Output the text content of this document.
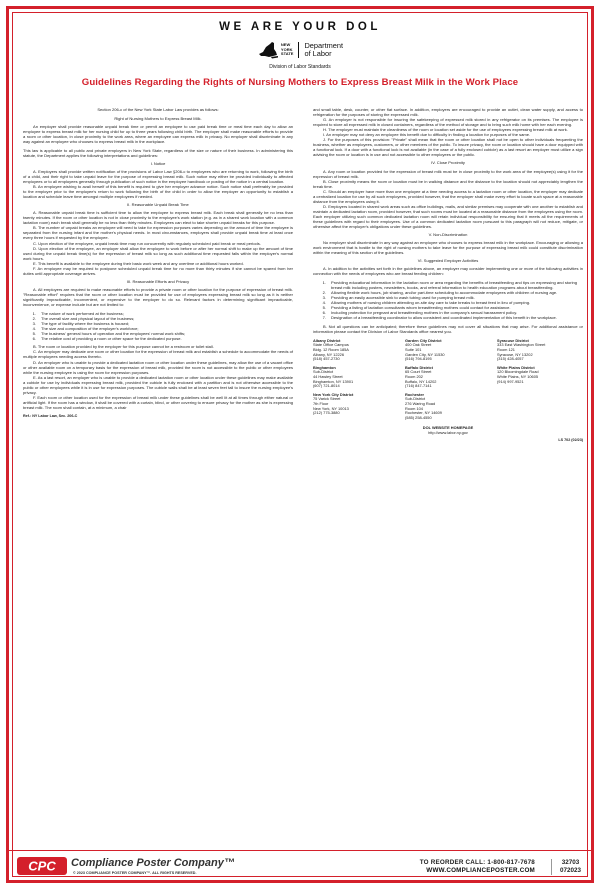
WE ARE YOUR DOL
NEW
YORK
STATE
Department
of Labor
Division of Labor Standards
Guidelines Regarding the Rights of Nursing Mothers to Express Breast Milk in the Work Place
Section 206-c of the New York State Labor Law provides as follows:
Right of Nursing Mothers to Express Breast Milk.
An employer shall provide reasonable unpaid break time or permit an employee to use paid break time or meal time each day to allow an employee to express breast milk for her nursing child for up to three years following child birth. The employer shall make reasonable efforts to provide a room or other location, in close proximity to the work area, where an employee can express milk in privacy. No employer shall discriminate in any way against an employee who chooses to express breast milk in the workplace.
This law is applicable to all public and private employers in New York State, regardless of the size or nature of their business. In administering this statute, the Department applies the following interpretations and guidelines:
I. Notice
A. Employers shall provide written notification of the provisions of Labor Law §206-c to employees who are returning to work, following the birth of a child, and their right to take unpaid leave for the purpose of expressing breast milk. Such notice may either be provided individually to affected employees or to all employees generally through publication of such notice in the employee handbook or posting of the notice in a central location.
B. An employee wishing to avail herself of this benefit is required to give her employer advance notice. Such notice shall preferably be provided to the employer prior to the employee's return to work following the birth of the child in order to allow the employer an opportunity to establish a location and schedule leave time amongst multiple employees if needed.
II. Reasonable Unpaid Break Time
A. Reasonable unpaid break time is sufficient time to allow the employee to express breast milk. Each break shall generally be no less than twenty minutes. If the room or other location is not in close proximity to the employee's work station (e.g. as in a shared work location with a common lactation room) each break shall generally be no less than thirty minutes. Employees can elect to take shorter unpaid breaks for this purpose.
B. The number of unpaid breaks an employee will need to take for expression purposes varies depending on the amount of time the employee is separated from the nursing infant and the mother's physical needs. In most circumstances, employers shall provide unpaid break time at least once every three hours if requested by the employee.
C. Upon election of the employee, unpaid break time may run concurrently with regularly scheduled paid break or meal periods.
D. Upon election of the employee, an employer shall allow the employee to work before or after her normal shift to make up the amount of time used during the unpaid break time(s) for the expression of breast milk so long as such additional time requested falls within the employer's normal work hours.
E. This benefit is available to the employee during their basic work week and any overtime or additional hours worked.
F. An employee may be required to postpone scheduled unpaid break time for no more than thirty minutes if she cannot be spared from her duties until appropriate coverage arrives.
III. Reasonable Efforts and Privacy
A. All employers are required to make reasonable efforts to provide a private room or other location for the purpose of expression of breast milk. "Reasonable effort" requires that the room or other location must be provided for use of employees expressing breast milk so long as it is neither significantly impracticable, inconvenient, or expensive to the employer to do so. Relevant factors in determining significant impracticable, inconvenience, or expense include but are not limited to:
1.	The nature of work performed at the business;
2.	The overall size and physical layout of the business;
3.	The type of facility where the business is housed;
4.	The size and composition of the employer's workforce;
5.	The business' general hours of operation and the employees' normal work shifts;
6.	The relative cost of providing a room or other space for the dedicated purpose.
B. The room or location provided by the employer for this purpose cannot be a restroom or toilet stall.
C. An employer may dedicate one room or other location for the expression of breast milk and establish a schedule to accommodate the needs of multiple employees needing access thereto.
D. An employer who is unable to provide a dedicated lactation room or other location under these guidelines, may allow the use of a vacant office or other available room on a temporary basis for the expression of breast milk, provided the room is not accessible to the public or other employees while the nursing employee is using the room for expression purposes.
E. As a last resort, an employer who is unable to provide a dedicated lactation room or other location under these guidelines may make available a cubicle for use by individuals expressing breast milk, provided the cubicle is fully enclosed with a partition and is not otherwise accessible to the public or other employees while it is in use for expression purposes. The cubicle walls shall be at least seven feet tall to insure the nursing employee's privacy.
F. Each room or other location used for the expression of breast milk under these guidelines shall be well lit at all times through either natural or artificial light. If the room has a window, it shall be covered with a curtain, blind, or other covering to ensure privacy for the mother as she is expressing breast milk. The room shall contain, at a minimum, a chair
Ref.: NY Labor Law, Sec. 206-C
and small table, desk, counter, or other flat surface. In addition, employers are encouraged to provide an outlet, clean water supply, and access to refrigeration for the purposes of storing the expressed milk.
G. An employer is not responsible for insuring the safekeeping of expressed milk stored in any refrigerator on its premises. The employee is required to store all expressed milk in closed containers, regardless of the method of storage and to bring such milk home with her each evening.
H. The employer must maintain the cleanliness of the room or location set aside for the use of employees expressing breast milk at work.
I. An employer may not deny an employee this benefit due to difficulty in finding a location for purposes of the same.
J. For the purposes of this provision: "Private" shall mean that the room or other location shall not be open to other individuals frequenting the business, whether as employees, customers, or other members of the public. To insure privacy, the room or location should have a door equipped with a functional lock. If a door with a functional lock is not available (in the case of a fully enclosed cubicle) as a last resort an employer must utilize a sign advising the room or location is in use and not accessible to other employees or the public.
IV. Close Proximity
A. Any room or location provided for the expression of breast milk must be in close proximity to the work area of the employee(s) using it for the expression of breast milk.
B. Close proximity means the room or location must be in walking distance and the distance to the location should not appreciably lengthen the break time.
C. Should an employer have more than one employee at a time needing access to a lactation room or other location, the employer may dedicate a centralized location for use by all such employees, provided however, that the employer shall make every effort to locate such space at a reasonable distance from the employees using it.
D. Employers located in shared work areas such as office buildings, malls, and similar premises may cooperate with one another to establish and maintain a dedicated lactation room, provided however, that such rooms must be located at a reasonable distance from the employees using the room. Each employer utilizing such common dedicated lactation room will retain individual responsibility for ensuring that it meets all the requirements of these guidelines with regard to their employees. Use of a common dedicated lactation room pursuant to this paragraph will not reduce, mitigate, or otherwise affect the employer's obligations under these guidelines.
V. Non-Discrimination
No employer shall discriminate in any way against an employee who chooses to express breast milk in the workplace. Encouraging or allowing a work environment that is hostile to the right of nursing mothers to take leave for the purpose of expressing breast milk could constitute discrimination within the meaning of this section of the guidelines.
VI. Suggested Employer Activities
A. In addition to the activities set forth in the guidelines above, an employer may consider implementing one or more of the following activities in connection with the needs of employees who are breast feeding children:
1.	Providing educational information in the lactation room or area regarding the benefits of breastfeeding and tips on expressing and storing breast milk including posters, newsletters, books, and referral information to health education programs about breastfeeding.
2.	Allowing flexible work hours, job sharing, and/or part-time scheduling to accommodate employees with children of nursing age.
3.	Providing an easily accessible sink to wash tubing used for pumping breast milk.
4.	Allowing mothers of nursing children attending on-site day care to take breaks to breast feed in lieu of pumping.
5.	Providing a listing of lactation consultants whom breastfeeding mothers could contact for assistance.
6.	Including protection for pregnant and breastfeeding mothers in the company's sexual harassment policy.
7.	Designation of a breastfeeding coordinator to allow consistent and coordinated implementation of this benefit in the workplace.
B. Not all questions can be anticipated; therefore these guidelines may not cover all situations that may arise. For additional assistance or information please contact the Division of Labor Standards office nearest you.
Albany District
State Office Campus
Bldg. 12 Room 185A
Albany, NY 12226
(518) 457-2730
Garden City District
400 Oak Street
Suite 101
Garden City, NY 11530
(516) 794-8195
Syracuse District
333 East Washington Street
Room 121
Syracuse, NY 13202
(315) 428-4057
Binghamton
Sub-District
44 Hawley Street
Binghamton, NY 13901
(607) 721-8014
Buffalo District
65 Court Street
Room 202
Buffalo, NY 14202
(716) 847-7141
White Plains District
120 Bloomingdale Road
White Plains, NY 10605
(914) 997-9521
New York City District
75 Varick Street
7th Floor
New York, NY 10013
(212) 775-3880
Rochester
Sub-District
276 Waring Road
Room 104
Rochester, NY 14609
(585) 258-4550
DOL WEBSITE HOMEPAGE
http://www.labor.ny.gov
LS 702 (02/23)
CPC Compliance Poster Company™
© 2023 COMPLIANCE POSTER COMPANY™. ALL RIGHTS RESERVED.
TO REORDER CALL: 1-800-817-7678
WWW.COMPLIANCEPOSTER.COM
32703
072023
